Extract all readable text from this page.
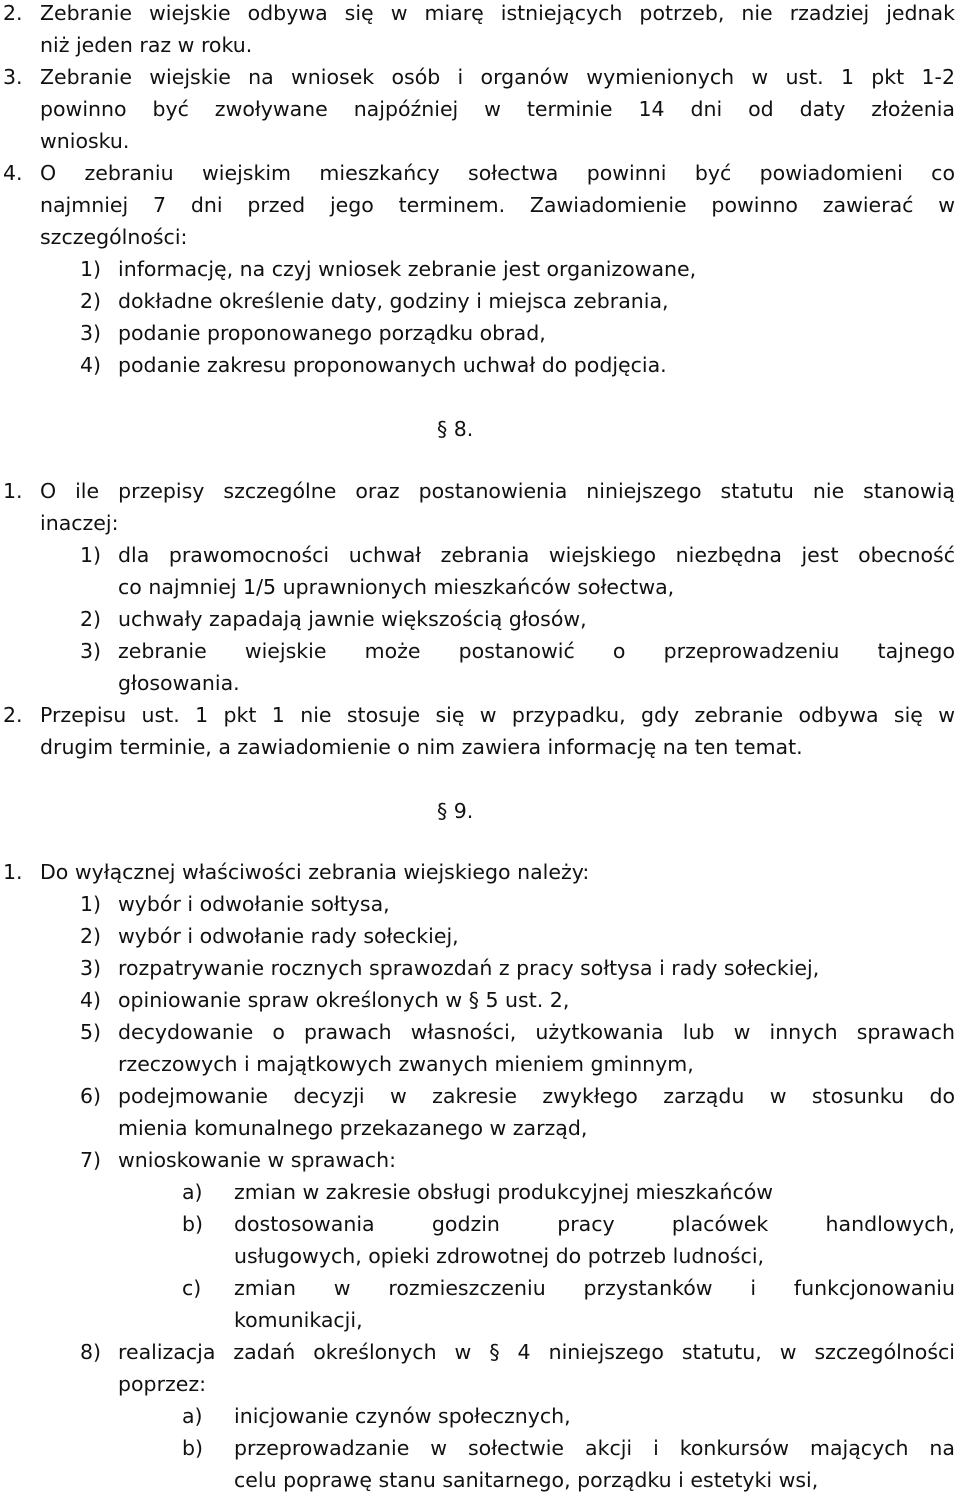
2. Zebranie wiejskie odbywa się w miarę istniejących potrzeb, nie rzadziej jednak
niż jeden raz w roku.
3. Zebranie wiejskie na wniosek osób i organów wymienionych w ust. 1 pkt 1-2
powinno być zwoływane najpóźniej w terminie 14 dni od daty złożenia
wniosku.
4. O zebraniu wiejskim mieszkańcy sołectwa powinni być powiadomieni co
najmniej 7 dni przed jego terminem. Zawiadomienie powinno zawierać w
szczególności:
1) informację, na czyj wniosek zebranie jest organizowane,
2) dokładne określenie daty, godziny i miejsca zebrania,
3) podanie proponowanego porządku obrad,
4) podanie zakresu proponowanych uchwał do podjęcia.
§ 8.
1. O ile przepisy szczególne oraz postanowienia niniejszego statutu nie stanowią
inaczej:
1) dla prawomocności uchwał zebrania wiejskiego niezbędna jest obecność
co najmniej 1/5 uprawnionych mieszkańców sołectwa,
2) uchwały zapadają jawnie większością głosów,
3) zebranie wiejskie może postanowić o przeprowadzeniu tajnego
głosowania.
2. Przepisu ust. 1 pkt 1 nie stosuje się w przypadku, gdy zebranie odbywa się w
drugim terminie, a zawiadomienie o nim zawiera informację na ten temat.
§ 9.
1. Do wyłącznej właściwości zebrania wiejskiego należy:
1) wybór i odwołanie sołtysa,
2) wybór i odwołanie rady sołeckiej,
3) rozpatrywanie rocznych sprawozdań z pracy sołtysa i rady sołeckiej,
4) opiniowanie spraw określonych w § 5 ust. 2,
5) decydowanie o prawach własności, użytkowania lub w innych sprawach
rzeczowych i majątkowych zwanych mieniem gminnym,
6) podejmowanie decyzji w zakresie zwykłego zarządu w stosunku do
mienia komunalnego przekazanego w zarząd,
7) wnioskowanie w sprawach:
a) zmian w zakresie obsługi produkcyjnej mieszkańców
b) dostosowania godzin pracy placówek handlowych,
usługowych, opieki zdrowotnej do potrzeb ludności,
c) zmian w rozmieszczeniu przystanków i funkcjonowaniu
komunikacji,
8) realizacja zadań określonych w § 4 niniejszego statutu, w szczególności
poprzez:
a) inicjowanie czynów społecznych,
b) przeprowadzanie w sołectwie akcji i konkursów mających na
celu poprawę stanu sanitarnego, porządku i estetyki wsi,
